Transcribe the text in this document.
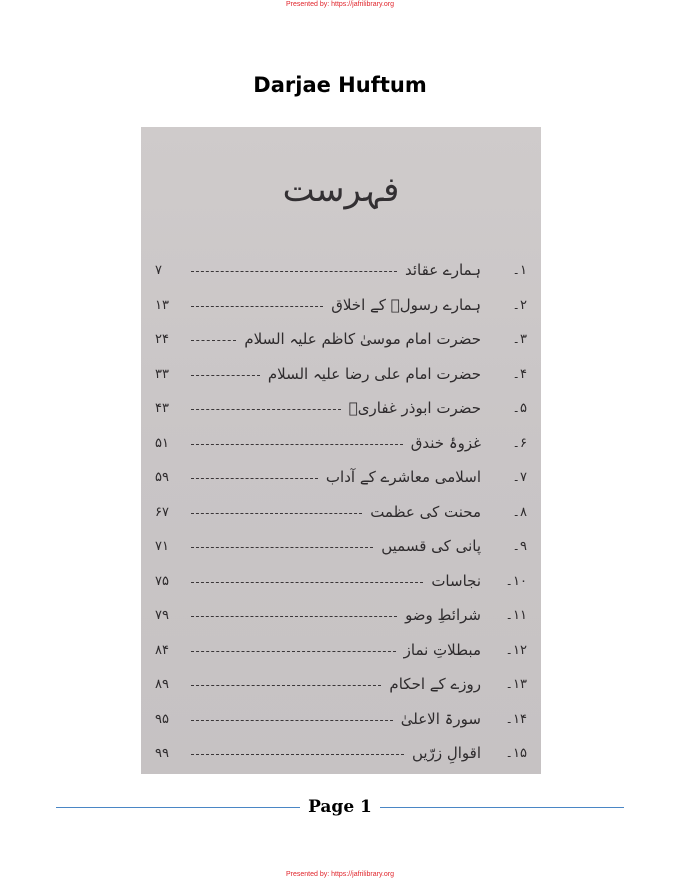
Presented by: https://jafrilibrary.org
Darjae Huftum
فہرست
۱۔
ہمارے عقائد
۷
۲۔
ہمارے رسولؐ کے اخلاق
۱۳
۳۔
حضرت امام موسیٰ کاظم علیہ السلام
۲۴
۴۔
حضرت امام علی رضا علیہ السلام
۳۳
۵۔
حضرت ابوذر غفاریؓ
۴۳
۶۔
غزوۂ خندق
۵۱
۷۔
اسلامی معاشرے کے آداب
۵۹
۸۔
محنت کی عظمت
۶۷
۹۔
پانی کی قسمیں
۷۱
۱۰۔
نجاسات
۷۵
۱۱۔
شرائطِ وضو
۷۹
۱۲۔
مبطلاتِ نماز
۸۴
۱۳۔
روزے کے احکام
۸۹
۱۴۔
سورۃ الاعلیٰ
۹۵
۱۵۔
اقوالِ زرّیں
۹۹
Page 1
Presented by: https://jafrilibrary.org
